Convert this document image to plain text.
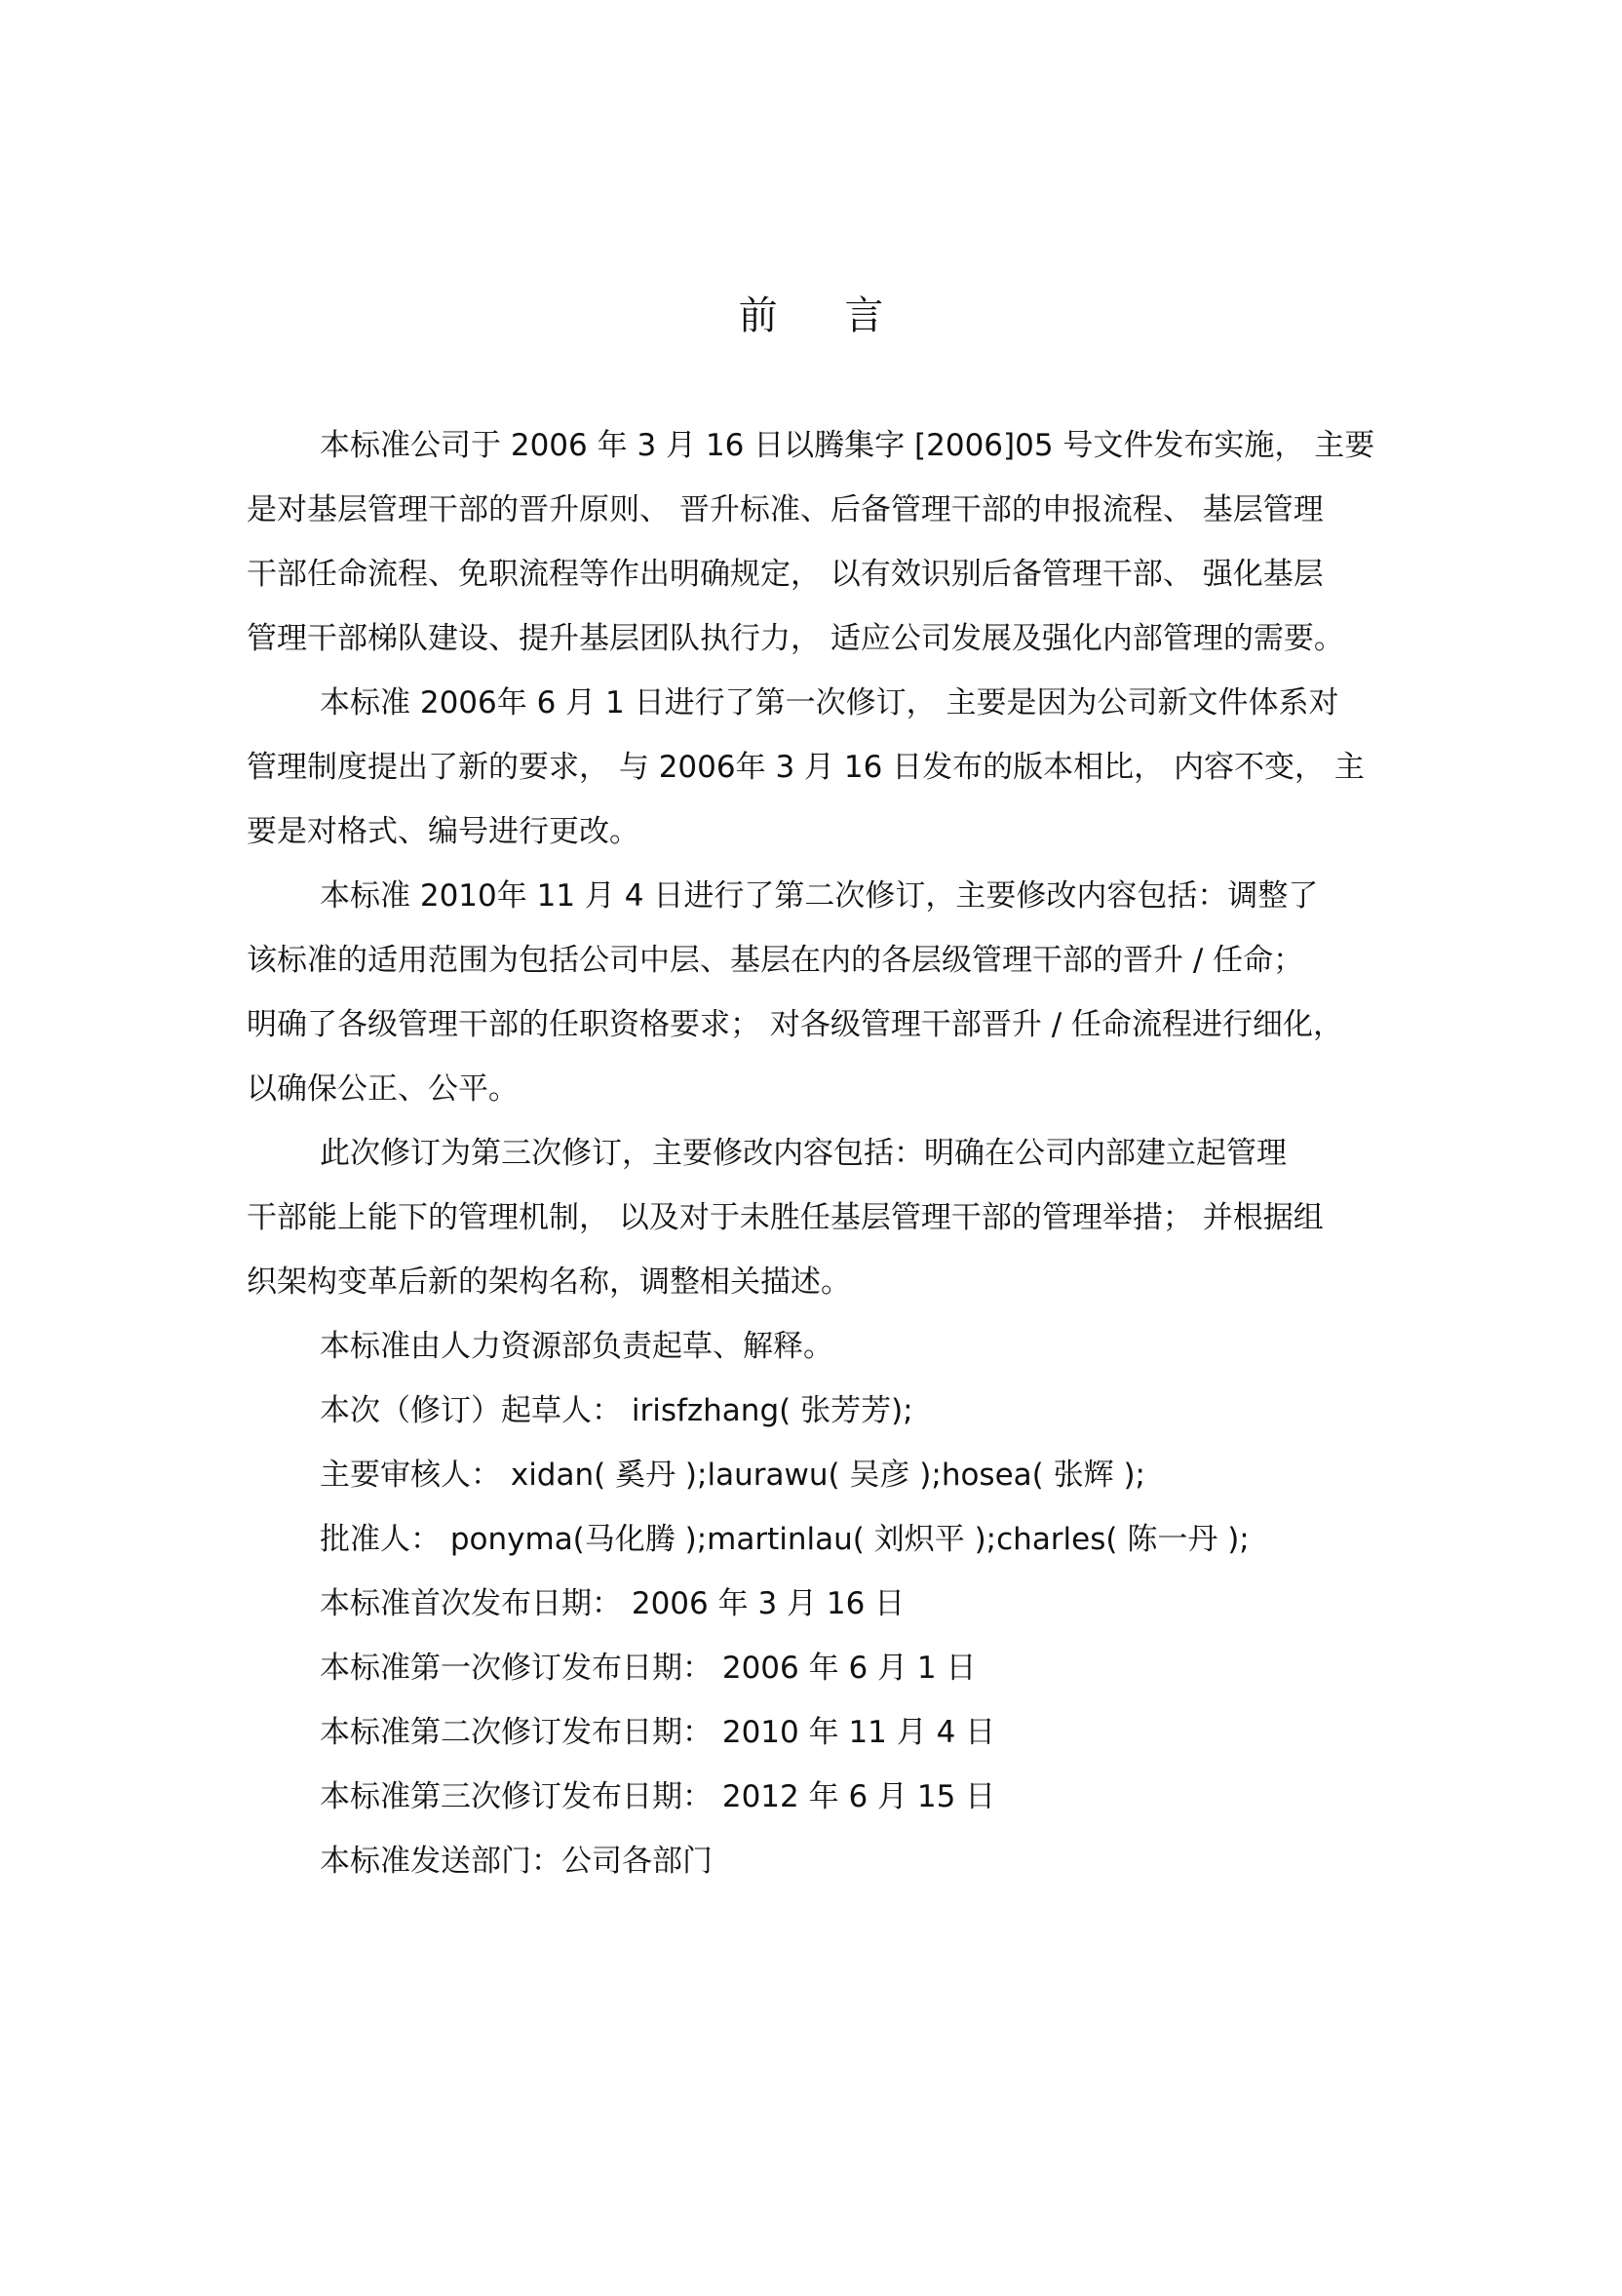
前 言
本标准公司于 2006 年 3 月 16 日以腾集字 [2006]05 号文件发布实施， 主要
是对基层管理干部的晋升原则、 晋升标准、后备管理干部的申报流程、 基层管理
干部任命流程、免职流程等作出明确规定， 以有效识别后备管理干部、 强化基层
管理干部梯队建设、提升基层团队执行力， 适应公司发展及强化内部管理的需要。
本标准 2006年 6 月 1 日进行了第一次修订， 主要是因为公司新文件体系对
管理制度提出了新的要求， 与 2006年 3 月 16 日发布的版本相比， 内容不变， 主
要是对格式、编号进行更改。
本标准 2010年 11 月 4 日进行了第二次修订，主要修改内容包括：调整了
该标准的适用范围为包括公司中层、基层在内的各层级管理干部的晋升 / 任命；
明确了各级管理干部的任职资格要求； 对各级管理干部晋升 / 任命流程进行细化，
以确保公正、公平。
此次修订为第三次修订，主要修改内容包括：明确在公司内部建立起管理
干部能上能下的管理机制， 以及对于未胜任基层管理干部的管理举措； 并根据组
织架构变革后新的架构名称，调整相关描述。
本标准由人力资源部负责起草、解释。
本次（修订）起草人： irisfzhang( 张芳芳);
主要审核人： xidan( 奚丹 );laurawu( 吴彦 );hosea( 张辉 );
批准人： ponyma(马化腾 );martinlau( 刘炽平 );charles( 陈一丹 );
本标准首次发布日期： 2006 年 3 月 16 日
本标准第一次修订发布日期： 2006 年 6 月 1 日
本标准第二次修订发布日期： 2010 年 11 月 4 日
本标准第三次修订发布日期： 2012 年 6 月 15 日
本标准发送部门：公司各部门
